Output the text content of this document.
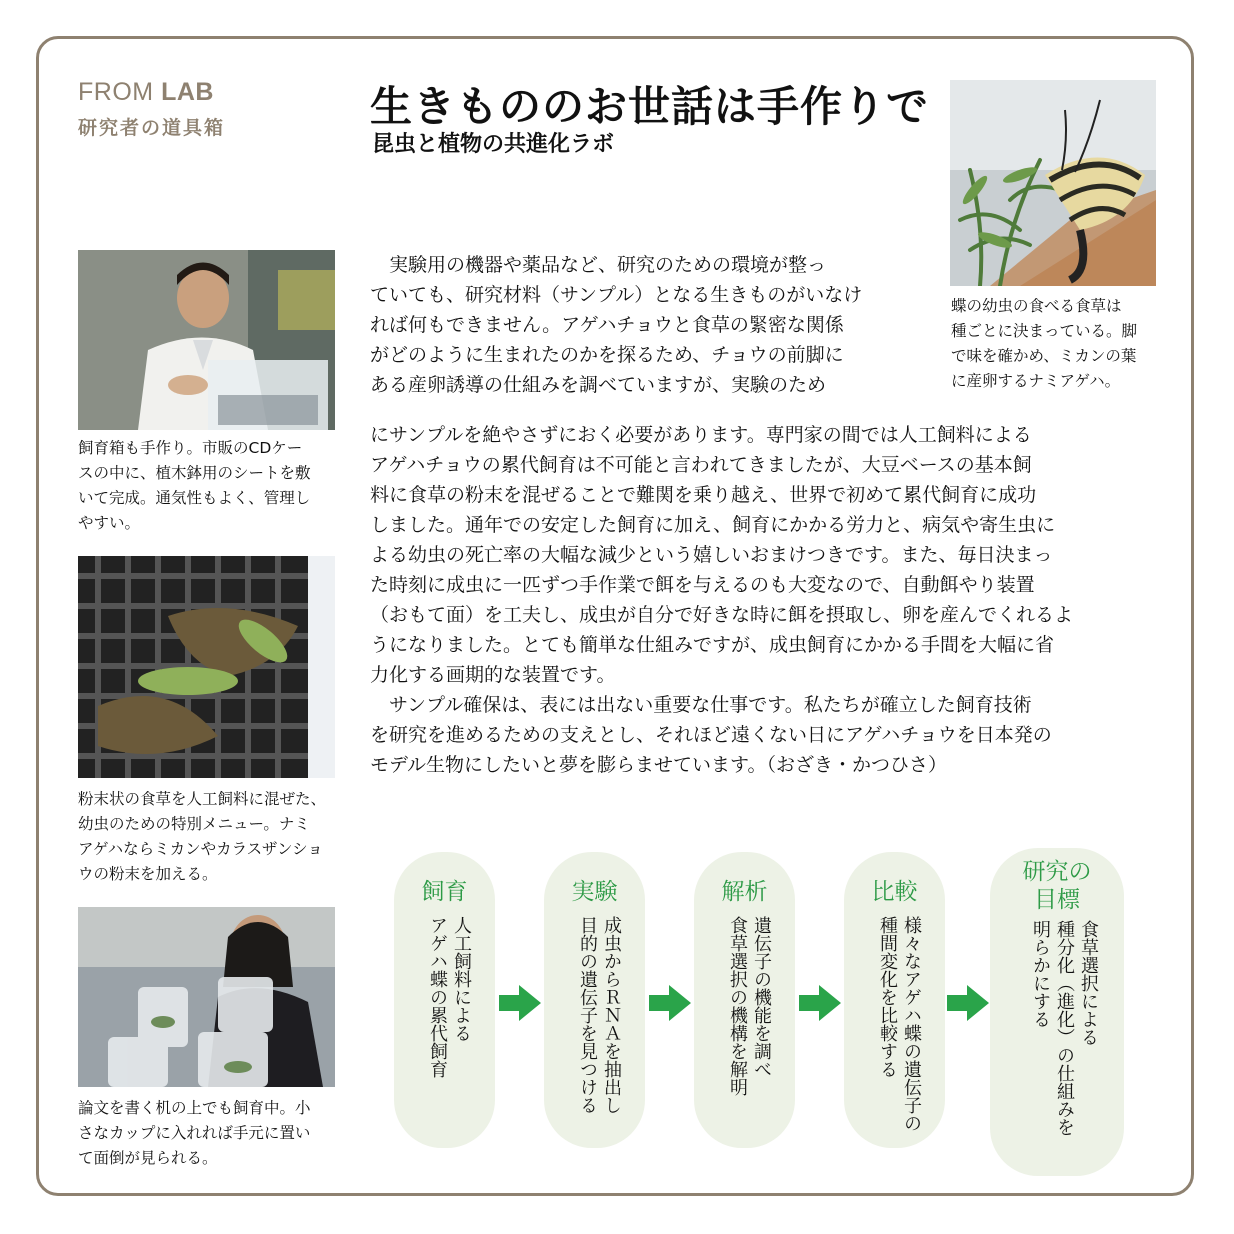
FROM LAB
研究者の道具箱	生きもののお世話は手作りで
昆虫と植物の共進化ラボ
蝶の幼虫の食べる食草は
種ごとに決まっている。脚
で味を確かめ、ミカンの葉
に産卵するナミアゲハ。
飼育箱も手作り。市販のCDケー
スの中に、植木鉢用のシートを敷
いて完成。通気性もよく、管理し
やすい。
粉末状の食草を人工飼料に混ぜた、
幼虫のための特別メニュー。ナミ
アゲハならミカンやカラスザンショ
ウの粉末を加える。
論文を書く机の上でも飼育中。小
さなカップに入れれば手元に置い
て面倒が見られる。
　実験用の機器や薬品など、研究のための環境が整っ
ていても、研究材料（サンプル）となる生きものがいなけ
れば何もできません。アゲハチョウと食草の緊密な関係
がどのように生まれたのかを探るため、チョウの前脚に
ある産卵誘導の仕組みを調べていますが、実験のため
にサンプルを絶やさずにおく必要があります。専門家の間では人工飼料による
アゲハチョウの累代飼育は不可能と言われてきましたが、大豆ベースの基本飼
料に食草の粉末を混ぜることで難関を乗り越え、世界で初めて累代飼育に成功
しました。通年での安定した飼育に加え、飼育にかかる労力と、病気や寄生虫に
よる幼虫の死亡率の大幅な減少という嬉しいおまけつきです。また、毎日決まっ
た時刻に成虫に一匹ずつ手作業で餌を与えるのも大変なので、自動餌やり装置
（おもて面）を工夫し、成虫が自分で好きな時に餌を摂取し、卵を産んでくれるよ
うになりました。とても簡単な仕組みですが、成虫飼育にかかる手間を大幅に省
力化する画期的な装置です。
　サンプル確保は、表には出ない重要な仕事です。私たちが確立した飼育技術
を研究を進めるための支えとし、それほど遠くない日にアゲハチョウを日本発の
モデル生物にしたいと夢を膨らませています。（おざき・かつひさ）
飼育
人工飼料による
アゲハ蝶の累代飼育
実験
成虫からＲＮＡを抽出し
目的の遺伝子を見つける
解析
遺伝子の機能を調べ
食草選択の機構を解明
比較
様々なアゲハ蝶の遺伝子の
種間変化を比較する
研究の
目標
食草選択による
種分化（進化）の仕組みを
明らかにする
